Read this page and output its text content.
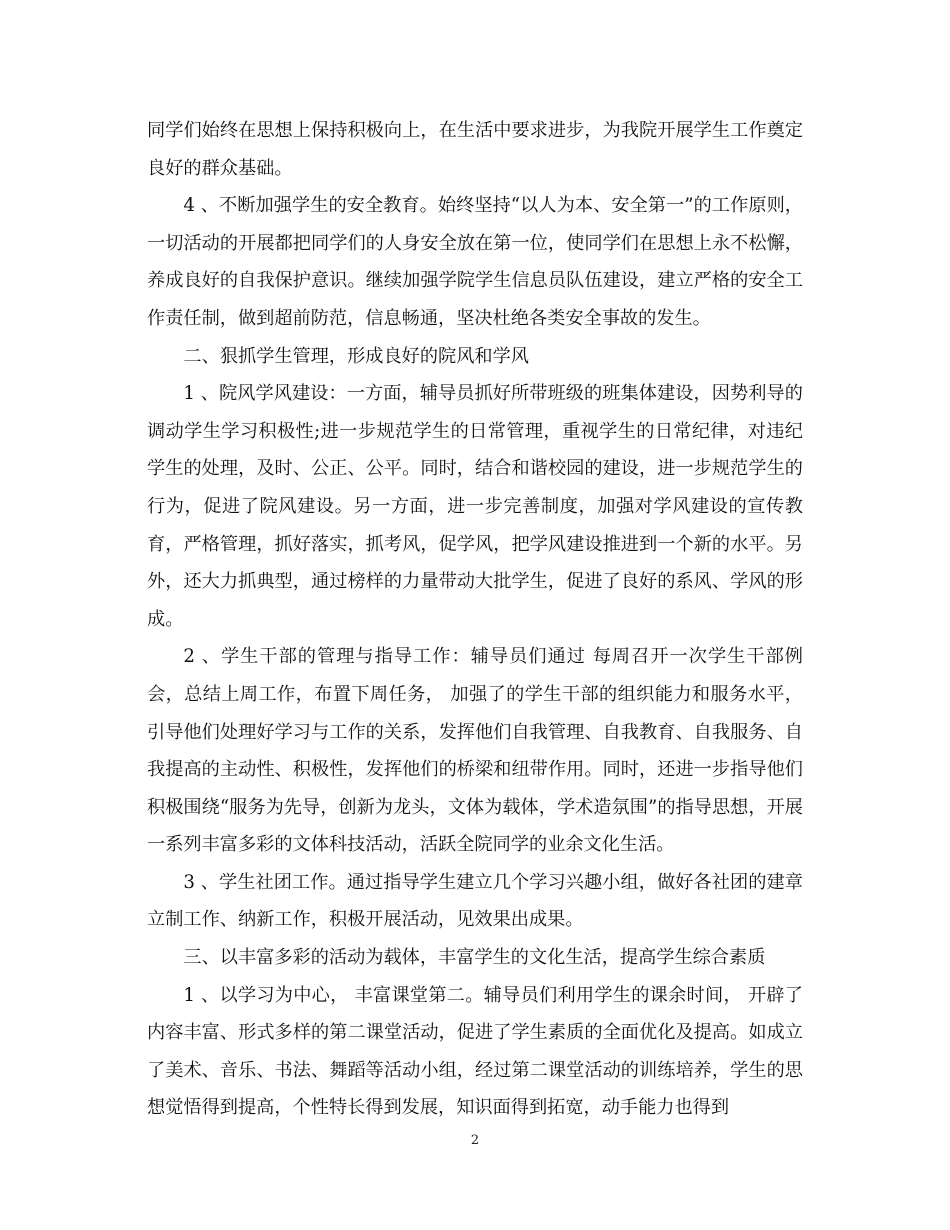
同学们始终在思想上保持积极向上，在生活中要求进步，为我院开展学生工作奠定良好的群众基础。

4 、不断加强学生的安全教育。始终坚持“以人为本、安全第一”的工作原则，一切活动的开展都把同学们的人身安全放在第一位，使同学们在思想上永不松懈，养成良好的自我保护意识。继续加强学院学生信息员队伍建设，建立严格的安全工作责任制，做到超前防范，信息畅通，坚决杜绝各类安全事故的发生。

二、狠抓学生管理，形成良好的院风和学风

1 、院风学风建设：一方面，辅导员抓好所带班级的班集体建设，因势利导的调动学生学习积极性;进一步规范学生的日常管理，重视学生的日常纪律，对违纪学生的处理，及时、公正、公平。同时，结合和谐校园的建设，进一步规范学生的行为，促进了院风建设。另一方面，进一步完善制度，加强对学风建设的宣传教育，严格管理，抓好落实，抓考风，促学风，把学风建设推进到一个新的水平。另外，还大力抓典型，通过榜样的力量带动大批学生，促进了良好的系风、学风的形成。

2 、学生干部的管理与指导工作：辅导员们通过 每周召开一次学生干部例会，总结上周工作，布置下周任务， 加强了的学生干部的组织能力和服务水平，引导他们处理好学习与工作的关系，发挥他们自我管理、自我教育、自我服务、自我提高的主动性、积极性，发挥他们的桥梁和纽带作用。同时，还进一步指导他们积极围绕“服务为先导，创新为龙头，文体为载体，学术造氛围”的指导思想，开展一系列丰富多彩的文体科技活动，活跃全院同学的业余文化生活。

3 、学生社团工作。通过指导学生建立几个学习兴趣小组，做好各社团的建章立制工作、纳新工作，积极开展活动，见效果出成果。

三、以丰富多彩的活动为载体，丰富学生的文化生活，提高学生综合素质

1 、以学习为中心， 丰富课堂第二。辅导员们利用学生的课余时间， 开辟了内容丰富、形式多样的第二课堂活动，促进了学生素质的全面优化及提高。如成立了美术、音乐、书法、舞蹈等活动小组，经过第二课堂活动的训练培养，学生的思想觉悟得到提高，个性特长得到发展，知识面得到拓宽，动手能力也得到

2
